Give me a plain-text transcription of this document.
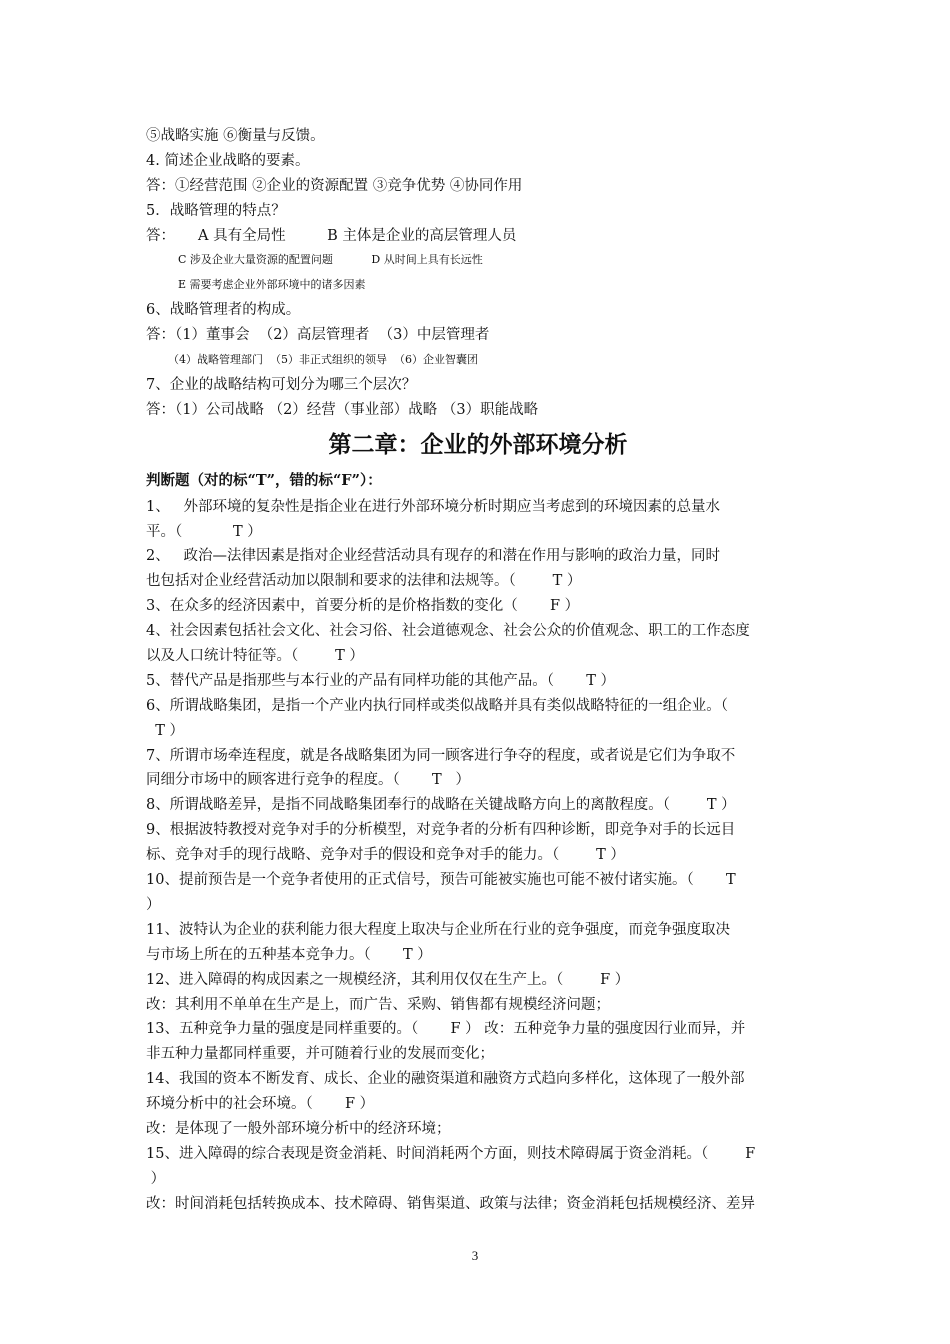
⑤战略实施 ⑥衡量与反馈。
4. 简述企业战略的要素。
答：①经营范围 ②企业的资源配置 ③竞争优势 ④协同作用
5．战略管理的特点？
答：     A 具有全局性         B 主体是企业的高层管理人员
C 涉及企业大量资源的配置问题           D 从时间上具有长远性
E 需要考虑企业外部环境中的诸多因素
6、战略管理者的构成。
答：（1）董事会  （2）高层管理者  （3）中层管理者
（4）战略管理部门  （5）非正式组织的领导  （6）企业智囊团
7、企业的战略结构可划分为哪三个层次？
答：（1）公司战略 （2）经营（事业部）战略 （3）职能战略
第二章：企业的外部环境分析
判断题（对的标“T”，错的标“F”）：
1、   外部环境的复杂性是指企业在进行外部环境分析时期应当考虑到的环境因素的总量水
平。（           T ）
2、   政治—法律因素是指对企业经营活动具有现存的和潜在作用与影响的政治力量，同时
也包括对企业经营活动加以限制和要求的法律和法规等。（        T ）
3、在众多的经济因素中，首要分析的是价格指数的变化（       F ）
4、社会因素包括社会文化、社会习俗、社会道德观念、社会公众的价值观念、职工的工作态度
以及人口统计特征等。（        T ）
5、替代产品是指那些与本行业的产品有同样功能的其他产品。（       T ）
6、所谓战略集团，是指一个产业内执行同样或类似战略并具有类似战略特征的一组企业。（
T ）
7、所谓市场牵连程度，就是各战略集团为同一顾客进行争夺的程度，或者说是它们为争取不
同细分市场中的顾客进行竞争的程度。（       T   ）
8、所谓战略差异，是指不同战略集团奉行的战略在关键战略方向上的离散程度。（        T ）
9、根据波特教授对竞争对手的分析模型，对竞争者的分析有四种诊断，即竞争对手的长远目
标、竞争对手的现行战略、竞争对手的假设和竞争对手的能力。（        T ）
10、提前预告是一个竞争者使用的正式信号，预告可能被实施也可能不被付诸实施。（       T
）
11、波特认为企业的获利能力很大程度上取决与企业所在行业的竞争强度，而竞争强度取决
与市场上所在的五种基本竞争力。（       T ）
12、进入障碍的构成因素之一规模经济，其利用仅仅在生产上。（        F ）
改：其利用不单单在生产是上，而广告、采购、销售都有规模经济问题；
13、五种竞争力量的强度是同样重要的。（       F ） 改：五种竞争力量的强度因行业而异，并
非五种力量都同样重要，并可随着行业的发展而变化；
14、我国的资本不断发育、成长、企业的融资渠道和融资方式趋向多样化，这体现了一般外部
环境分析中的社会环境。（       F ）
改：是体现了一般外部环境分析中的经济环境；
15、进入障碍的综合表现是资金消耗、时间消耗两个方面，则技术障碍属于资金消耗。（        F
）
改：时间消耗包括转换成本、技术障碍、销售渠道、政策与法律；资金消耗包括规模经济、差异
3
